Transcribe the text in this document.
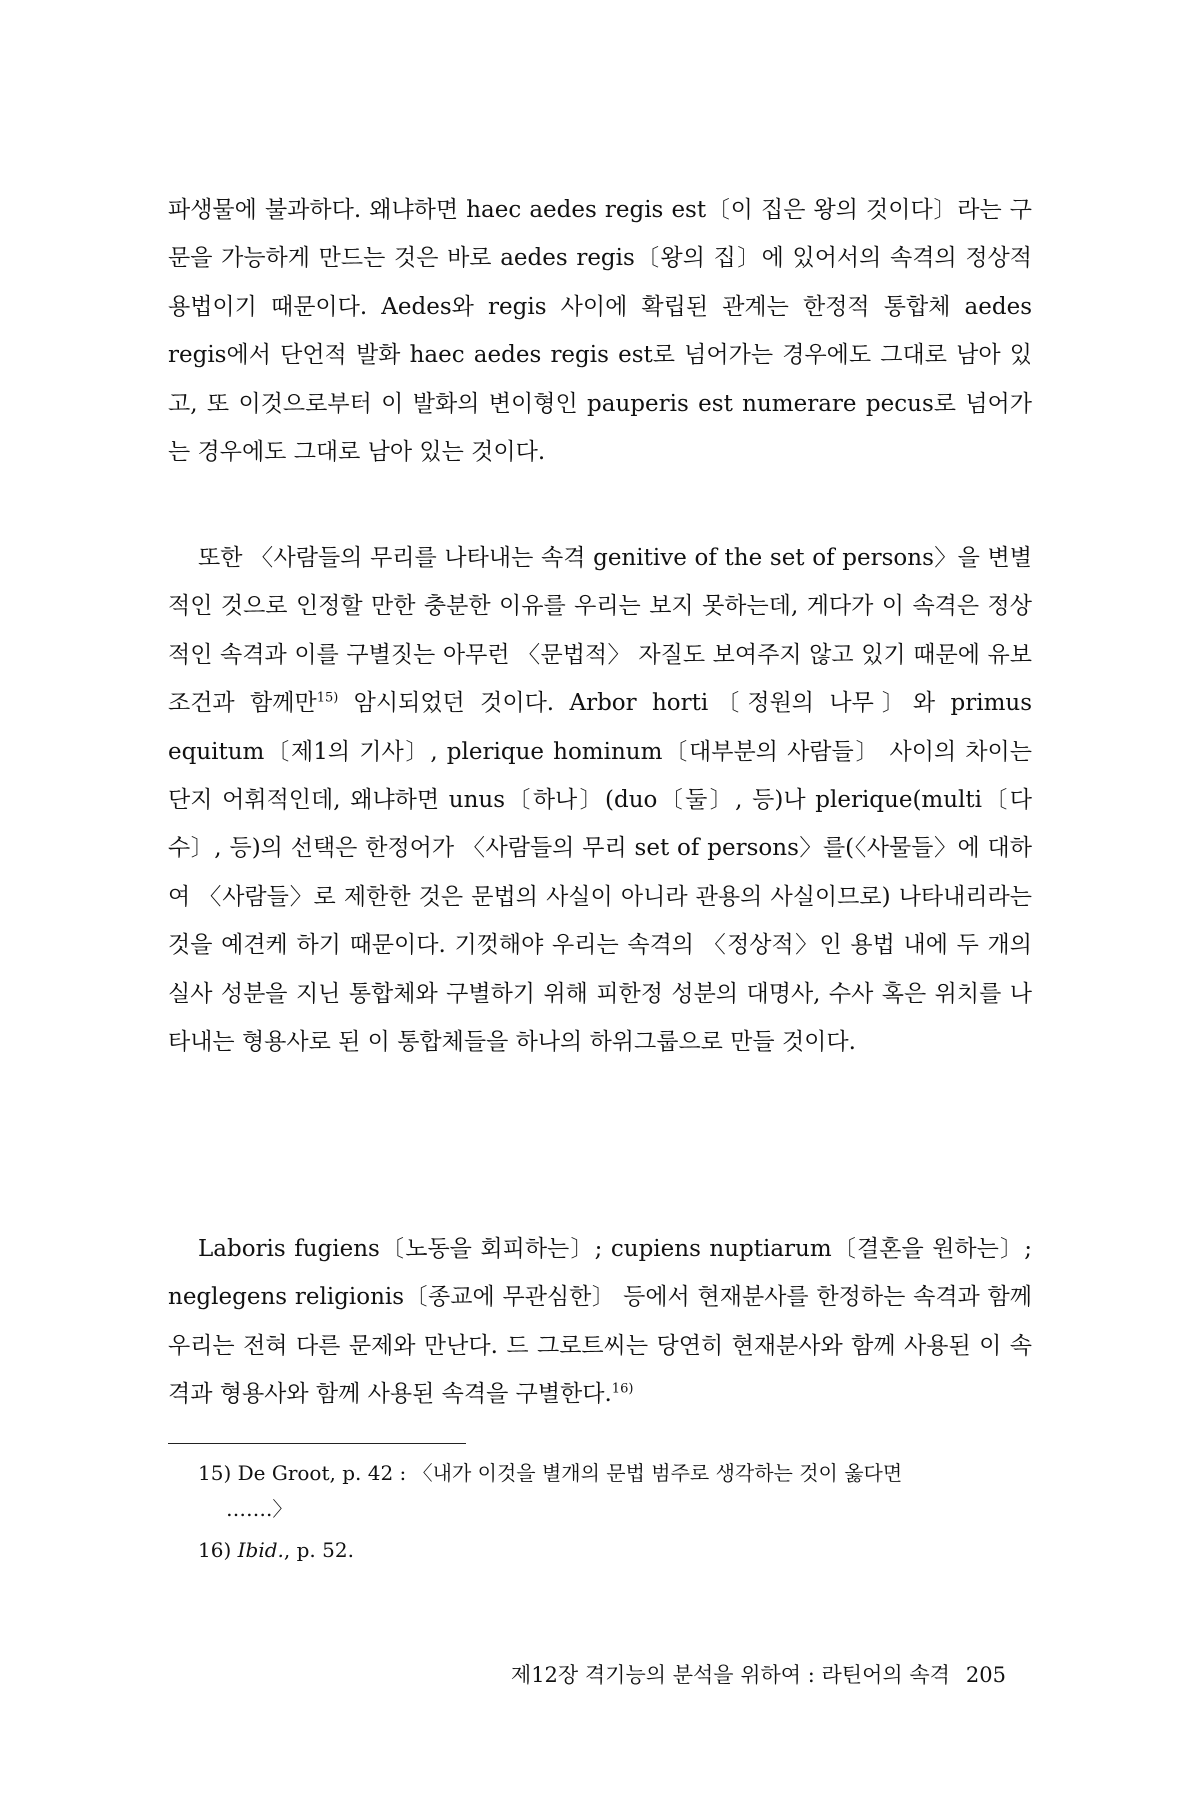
파생물에 불과하다. 왜냐하면 haec aedes regis est〔이 집은 왕의 것이다〕라는 구문을 가능하게 만드는 것은 바로 aedes regis〔왕의 집〕에 있어서의 속격의 정상적 용법이기 때문이다. Aedes와 regis 사이에 확립된 관계는 한정적 통합체 aedes regis에서 단언적 발화 haec aedes regis est로 넘어가는 경우에도 그대로 남아 있고, 또 이것으로부터 이 발화의 변이형인 pauperis est numerare pecus로 넘어가는 경우에도 그대로 남아 있는 것이다.

또한 〈사람들의 무리를 나타내는 속격 genitive of the set of persons〉을 변별적인 것으로 인정할 만한 충분한 이유를 우리는 보지 못하는데, 게다가 이 속격은 정상적인 속격과 이를 구별짓는 아무런 〈문법적〉 자질도 보여주지 않고 있기 때문에 유보조건과 함께만$^{15)}$ 암시되었던 것이다. Arbor horti〔정원의 나무〕와 primus equitum〔제1의 기사〕, plerique hominum〔대부분의 사람들〕 사이의 차이는 단지 어휘적인데, 왜냐하면 unus〔하나〕(duo〔둘〕, 등)나 plerique(multi〔다수〕, 등)의 선택은 한정어가 〈사람들의 무리 set of persons〉를(〈사물들〉에 대하여 〈사람들〉로 제한한 것은 문법의 사실이 아니라 관용의 사실이므로) 나타내리라는 것을 예견케 하기 때문이다. 기껏해야 우리는 속격의 〈정상적〉인 용법 내에 두 개의 실사 성분을 지닌 통합체와 구별하기 위해 피한정 성분의 대명사, 수사 혹은 위치를 나타내는 형용사로 된 이 통합체들을 하나의 하위그룹으로 만들 것이다.

Laboris fugiens〔노동을 회피하는〕; cupiens nuptiarum〔결혼을 원하는〕; neglegens religionis〔종교에 무관심한〕 등에서 현재분사를 한정하는 속격과 함께 우리는 전혀 다른 문제와 만난다. 드 그로트씨는 당연히 현재분사와 함께 사용된 이 속격과 형용사와 함께 사용된 속격을 구별한다.$^{16)}$

15) De Groot, p. 42 : 〈내가 이것을 별개의 문법 범주로 생각하는 것이 옳다면
…….〉
16) Ibid., p. 52.
제12장 격기능의 분석을 위하여 : 라틴어의 속격 205
